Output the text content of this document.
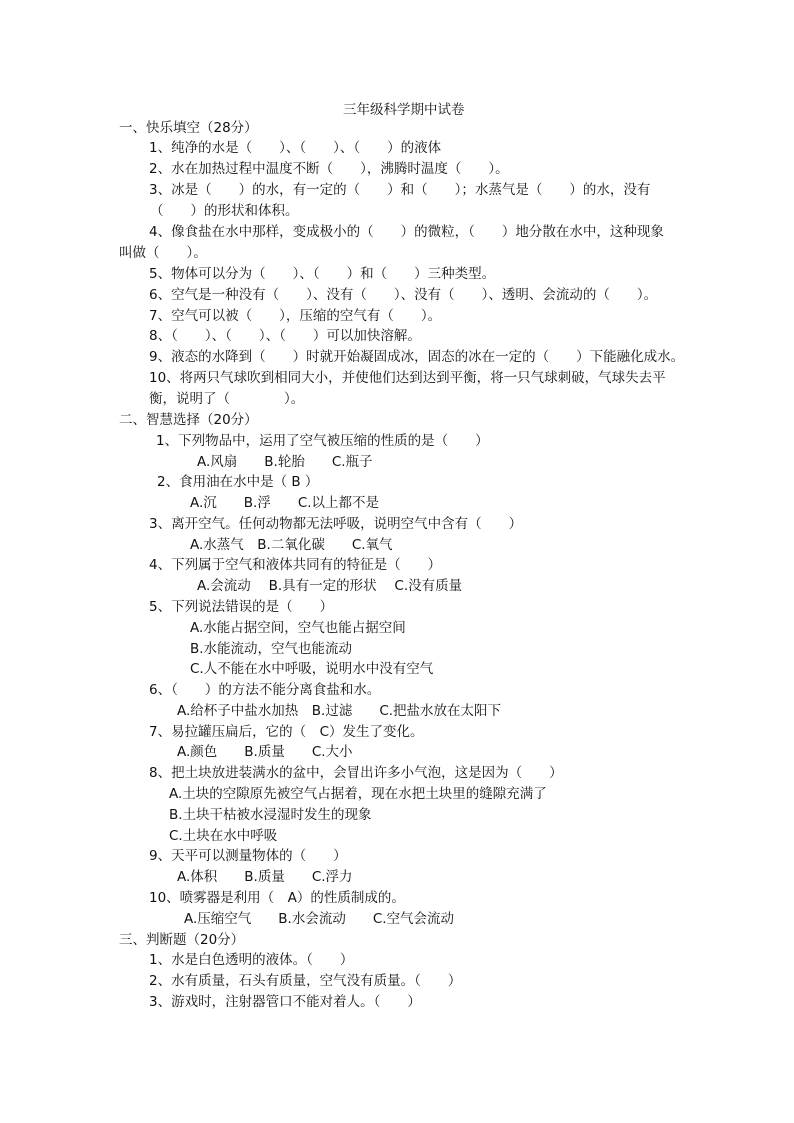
三年级科学期中试卷
一、快乐填空（28分）
1、纯净的水是（　　）、（　　）、（　　）的液体
2、水在加热过程中温度不断（　　），沸腾时温度（　　）。
3、冰是（　　）的水，有一定的（　　）和（　　）；水蒸气是（　　）的水，没有
（　　）的形状和体积。
4、像食盐在水中那样，变成极小的（　　）的微粒，（　　）地分散在水中，这种现象
叫做（　　）。
5、物体可以分为（　　）、（　　）和（　　）三种类型。
6、空气是一种没有（　　）、没有（　　）、没有（　　）、透明、会流动的（　　）。
7、空气可以被（　　），压缩的空气有（　　）。
8、（　　）、（　　）、（　　）可以加快溶解。
9、液态的水降到（　　）时就开始凝固成冰，固态的冰在一定的（　　）下能融化成水。
10、将两只气球吹到相同大小，并使他们达到达到平衡，将一只气球刺破，气球失去平
衡，说明了（　　　　）。
二、智慧选择（20分）
1、下列物品中，运用了空气被压缩的性质的是（　　）
A.风扇　　B.轮胎　　C.瓶子
2、食用油在水中是（ B ）
A.沉　　B.浮　　C.以上都不是
3、离开空气。任何动物都无法呼吸，说明空气中含有（　　）
A.水蒸气　B.二氧化碳　　C.氧气
4、下列属于空气和液体共同有的特征是（　　）
A.会流动　 B.具有一定的形状　 C.没有质量
5、下列说法错误的是（　　）
A.水能占据空间，空气也能占据空间
B.水能流动，空气也能流动
C.人不能在水中呼吸，说明水中没有空气
6、（　　）的方法不能分离食盐和水。
A.给杯子中盐水加热　B.过滤　　C.把盐水放在太阳下
7、易拉罐压扁后，它的（　C）发生了变化。
A.颜色　　B.质量　　C.大小
8、把土块放进装满水的盆中，会冒出许多小气泡，这是因为（　　）
A.土块的空隙原先被空气占据着，现在水把土块里的缝隙充满了
B.土块干枯被水浸湿时发生的现象
C.土块在水中呼吸
9、天平可以测量物体的（　　）
A.体积　　B.质量　　C.浮力
10、喷雾器是利用（　A）的性质制成的。
A.压缩空气　　B.水会流动　　C.空气会流动
三、判断题（20分）
1、水是白色透明的液体。（　　）
2、水有质量，石头有质量，空气没有质量。（　　）
3、游戏时，注射器管口不能对着人。（　　）
